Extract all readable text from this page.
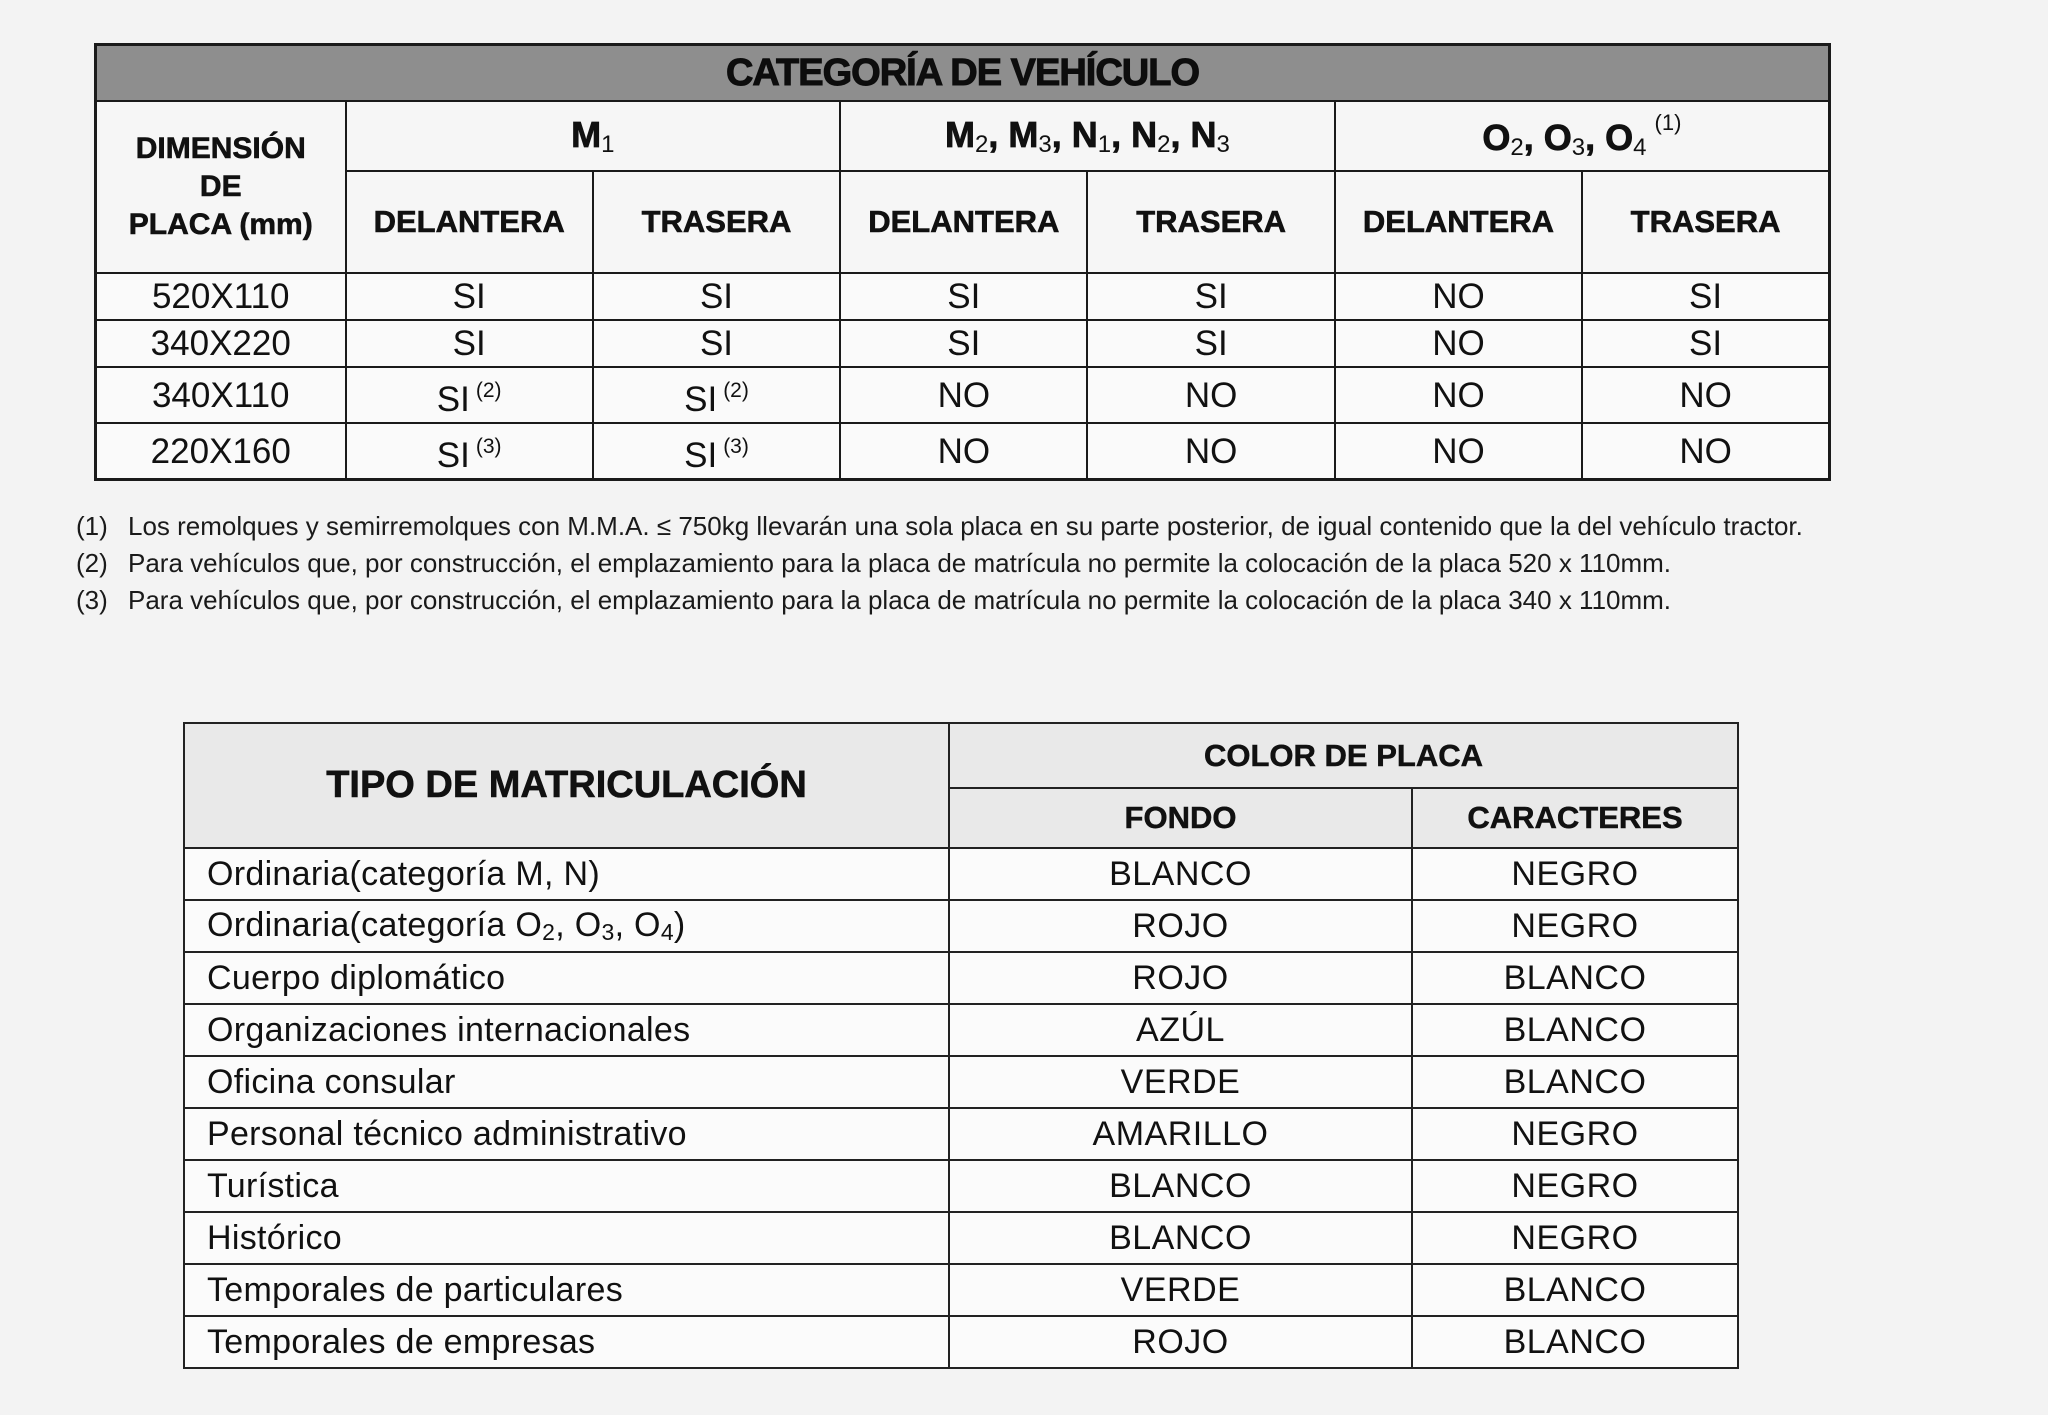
CATEGORÍA DE VEHÍCULO						

DIMENSIÓN
DE
PLACA (mm)	$M_1$		$M_2$, $M_3$, $N_1$, $N_2$, $N_3$		$O_2$, $O_3$, $O_4^{(1)}$
	DELANTERA	TRASERA	DELANTERA	TRASERA	DELANTERA	TRASERA
520X110	SI	SI	SI	SI	NO	SI
340X220	SI	SI	SI	SI	NO	SI
340X110	SI $^{(2)}$	SI $^{(2)}$	NO	NO	NO	NO
220X160	SI $^{(3)}$	SI $^{(3)}$	NO	NO	NO	NO
(1) Los remolques y semirremolques con M.M.A. ≤ 750kg llevarán una sola placa en su parte posterior, de igual contenido que la del vehículo tractor.
(2) Para vehículos que, por construcción, el emplazamiento para la placa de matrícula no permite la colocación de la placa 520 x 110mm.
(3) Para vehículos que, por construcción, el emplazamiento para la placa de matrícula no permite la colocación de la placa 340 x 110mm.
TIPO DE MATRICULACIÓN	COLOR DE PLACA	
	FONDO	CARACTERES
Ordinaria(categoría M, N)	BLANCO	NEGRO
Ordinaria(categoría $O_2$, $O_3$, $O_4$)	ROJO	NEGRO
Cuerpo diplomático	ROJO	BLANCO
Organizaciones internacionales	AZÚL	BLANCO
Oficina consular	VERDE	BLANCO
Personal técnico administrativo	AMARILLO	NEGRO
Turística	BLANCO	NEGRO
Histórico	BLANCO	NEGRO
Temporales de particulares	VERDE	BLANCO
Temporales de empresas	ROJO	BLANCO
